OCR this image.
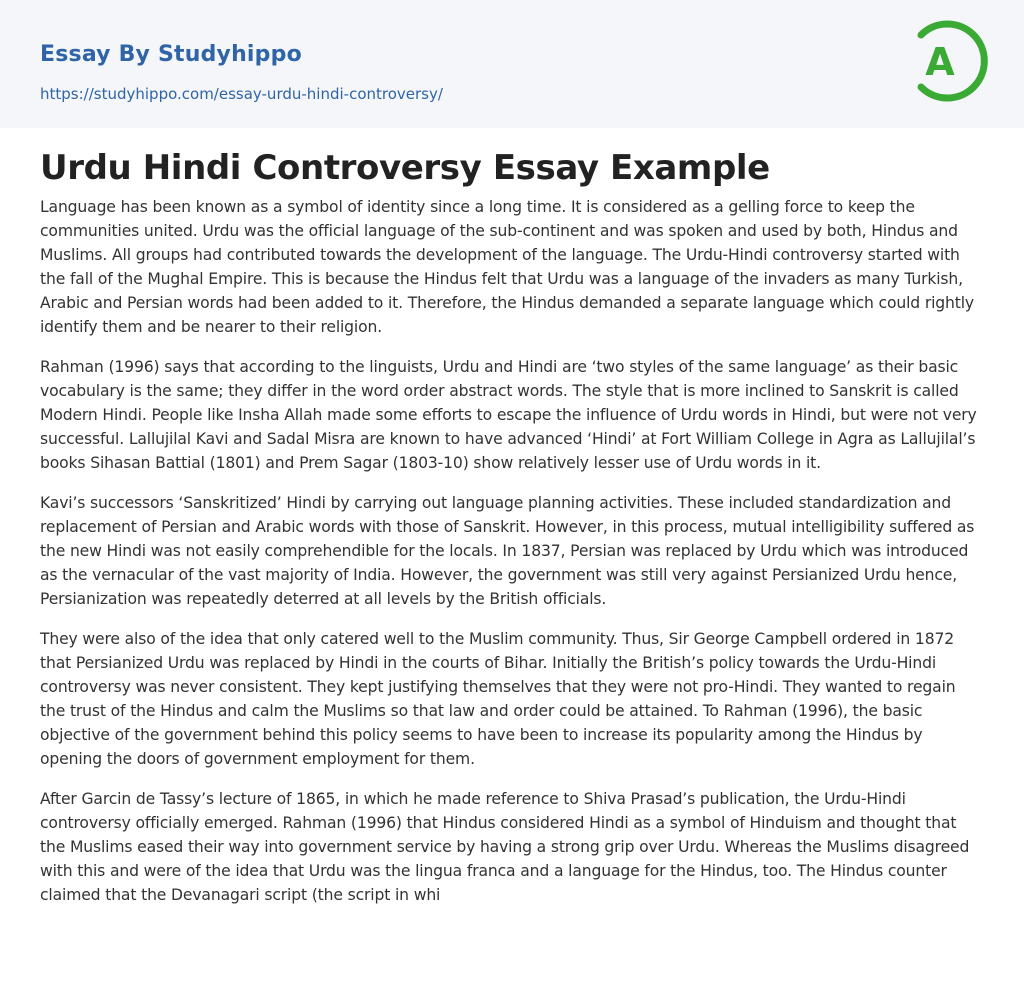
Essay By Studyhippo
https://studyhippo.com/essay-urdu-hindi-controversy/
A
Urdu Hindi Controversy Essay Example

Language has been known as a symbol of identity since a long time. It is considered as a gelling force to keep the communities united. Urdu was the official language of the sub-continent and was spoken and used by both, Hindus and Muslims. All groups had contributed towards the development of the language. The Urdu-Hindi controversy started with the fall of the Mughal Empire. This is because the Hindus felt that Urdu was a language of the invaders as many Turkish, Arabic and Persian words had been added to it. Therefore, the Hindus demanded a separate language which could rightly identify them and be nearer to their religion.

Rahman (1996) says that according to the linguists, Urdu and Hindi are ‘two styles of the same language’ as their basic vocabulary is the same; they differ in the word order abstract words. The style that is more inclined to Sanskrit is called Modern Hindi. People like Insha Allah made some efforts to escape the influence of Urdu words in Hindi, but were not very successful. Lallujilal Kavi and Sadal Misra are known to have advanced ‘Hindi’ at Fort William College in Agra as Lallujilal’s books Sihasan Battial (1801) and Prem Sagar (1803-10) show relatively lesser use of Urdu words in it.

Kavi’s successors ‘Sanskritized’ Hindi by carrying out language planning activities. These included standardization and replacement of Persian and Arabic words with those of Sanskrit. However, in this process, mutual intelligibility suffered as the new Hindi was not easily comprehendible for the locals. In 1837, Persian was replaced by Urdu which was introduced as the vernacular of the vast majority of India. However, the government was still very against Persianized Urdu hence, Persianization was repeatedly deterred at all levels by the British officials.

They were also of the idea that only catered well to the Muslim community. Thus, Sir George Campbell ordered in 1872 that Persianized Urdu was replaced by Hindi in the courts of Bihar. Initially the British’s policy towards the Urdu-Hindi controversy was never consistent. They kept justifying themselves that they were not pro-Hindi. They wanted to regain the trust of the Hindus and calm the Muslims so that law and order could be attained. To Rahman (1996), the basic objective of the government behind this policy seems to have been to increase its popularity among the Hindus by opening the doors of government employment for them.

After Garcin de Tassy’s lecture of 1865, in which he made reference to Shiva Prasad’s publication, the Urdu-Hindi controversy officially emerged. Rahman (1996) that Hindus considered Hindi as a symbol of Hinduism and thought that the Muslims eased their way into government service by having a strong grip over Urdu. Whereas the Muslims disagreed with this and were of the idea that Urdu was the lingua franca and a language for the Hindus, too. The Hindus counter claimed that the Devanagari script (the script in whi
